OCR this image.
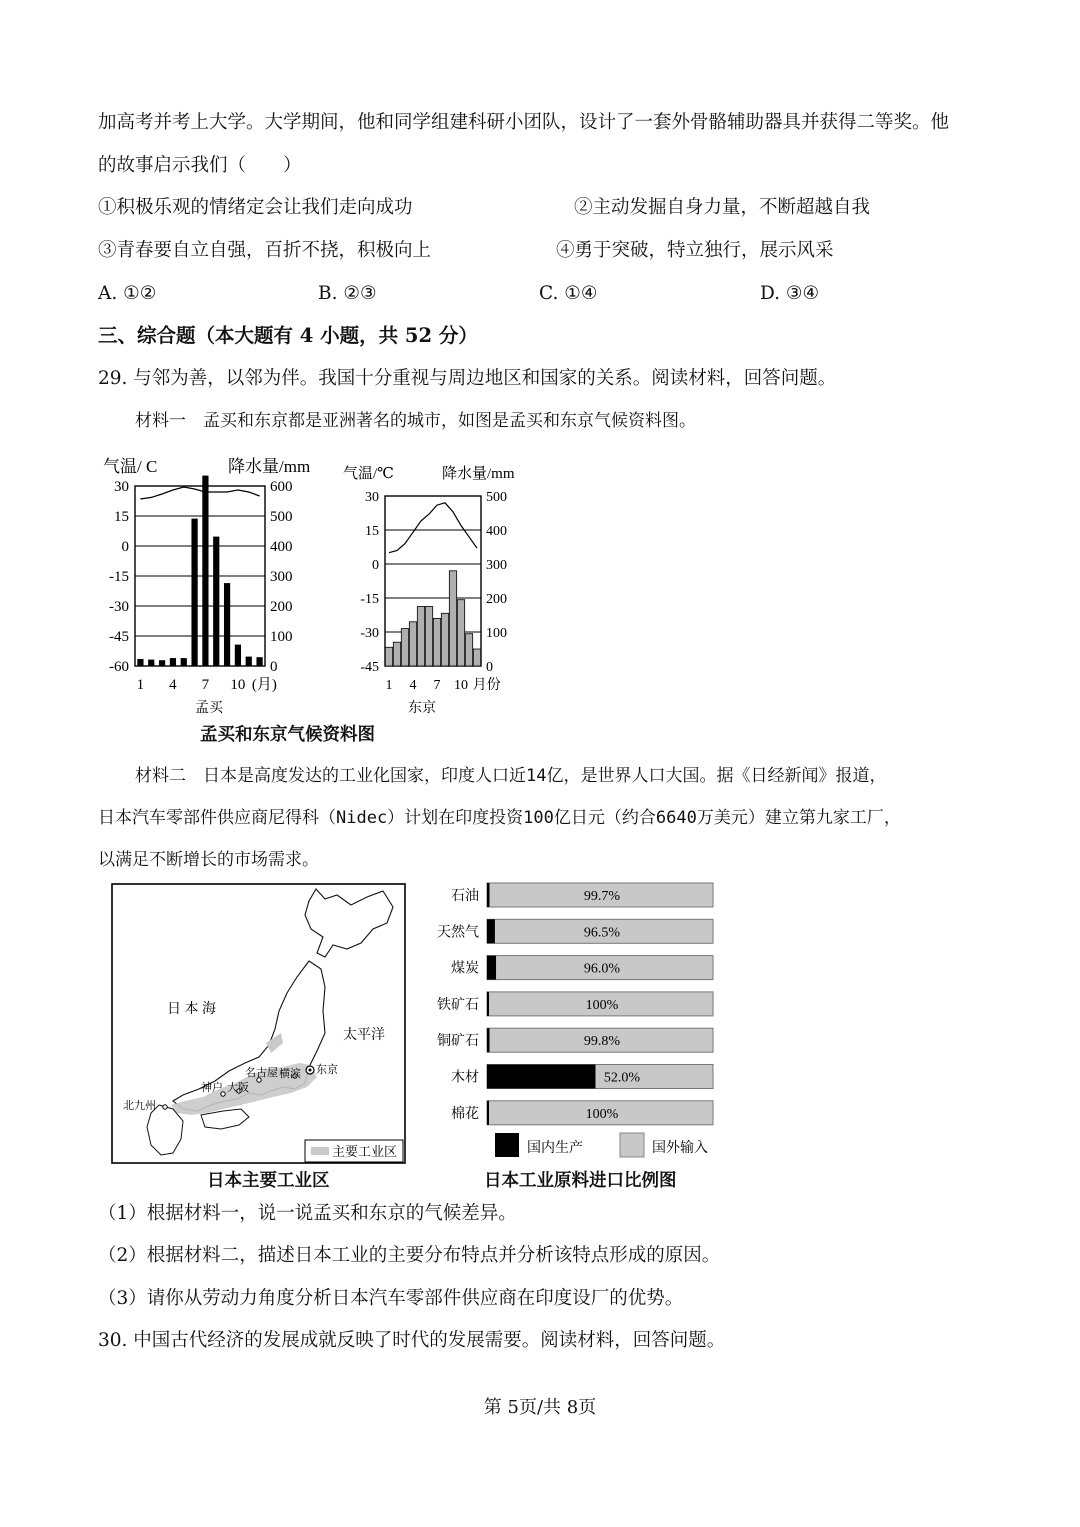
加高考并考上大学。大学期间，他和同学组建科研小团队，设计了一套外骨骼辅助器具并获得二等奖。他
的故事启示我们（　　）
①积极乐观的情绪定会让我们走向成功	②主动发掘自身力量，不断超越自我
③青春要自立自强，百折不挠，积极向上	④勇于突破，特立独行，展示风采
A. ①②	B. ②③	C. ①④	D. ③④
三、综合题（本大题有 4 小题，共 52 分）
29. 与邻为善，以邻为伴。我国十分重视与周边地区和国家的关系。阅读材料，回答问题。
材料一　孟买和东京都是亚洲著名的城市，如图是孟买和东京气候资料图。
气温/ C	降水量/mm
30
15
0
-15
-30
-45
-60
600
500
400
300
200
100
0
1 4 7 10 (月)
孟买
气温/℃	降水量/mm
30
15
0
-15
-30
-45
500
400
300
200
100
0
1 4 7 10 月份
东京
孟买和东京气候资料图
材料二　日本是高度发达的工业化国家，印度人口近14亿，是世界人口大国。据《日经新闻》报道，
日本汽车零部件供应商尼得科（Nidec）计划在印度投资100亿日元（约合6640万美元）建立第九家工厂，
以满足不断增长的市场需求。
日 本 海
太平洋
东京
横滨
名古屋
大阪
神户
北九州
主要工业区
日本主要工业区
石油	99.7%
天然气	96.5%
煤炭	96.0%
铁矿石	100%
铜矿石	99.8%
木材	52.0%
棉花	100%
国内生产	国外输入
日本工业原料进口比例图
（1）根据材料一，说一说孟买和东京的气候差异。
（2）根据材料二，描述日本工业的主要分布特点并分析该特点形成的原因。
（3）请你从劳动力角度分析日本汽车零部件供应商在印度设厂的优势。
30. 中国古代经济的发展成就反映了时代的发展需要。阅读材料，回答问题。
第 5页/共 8页
